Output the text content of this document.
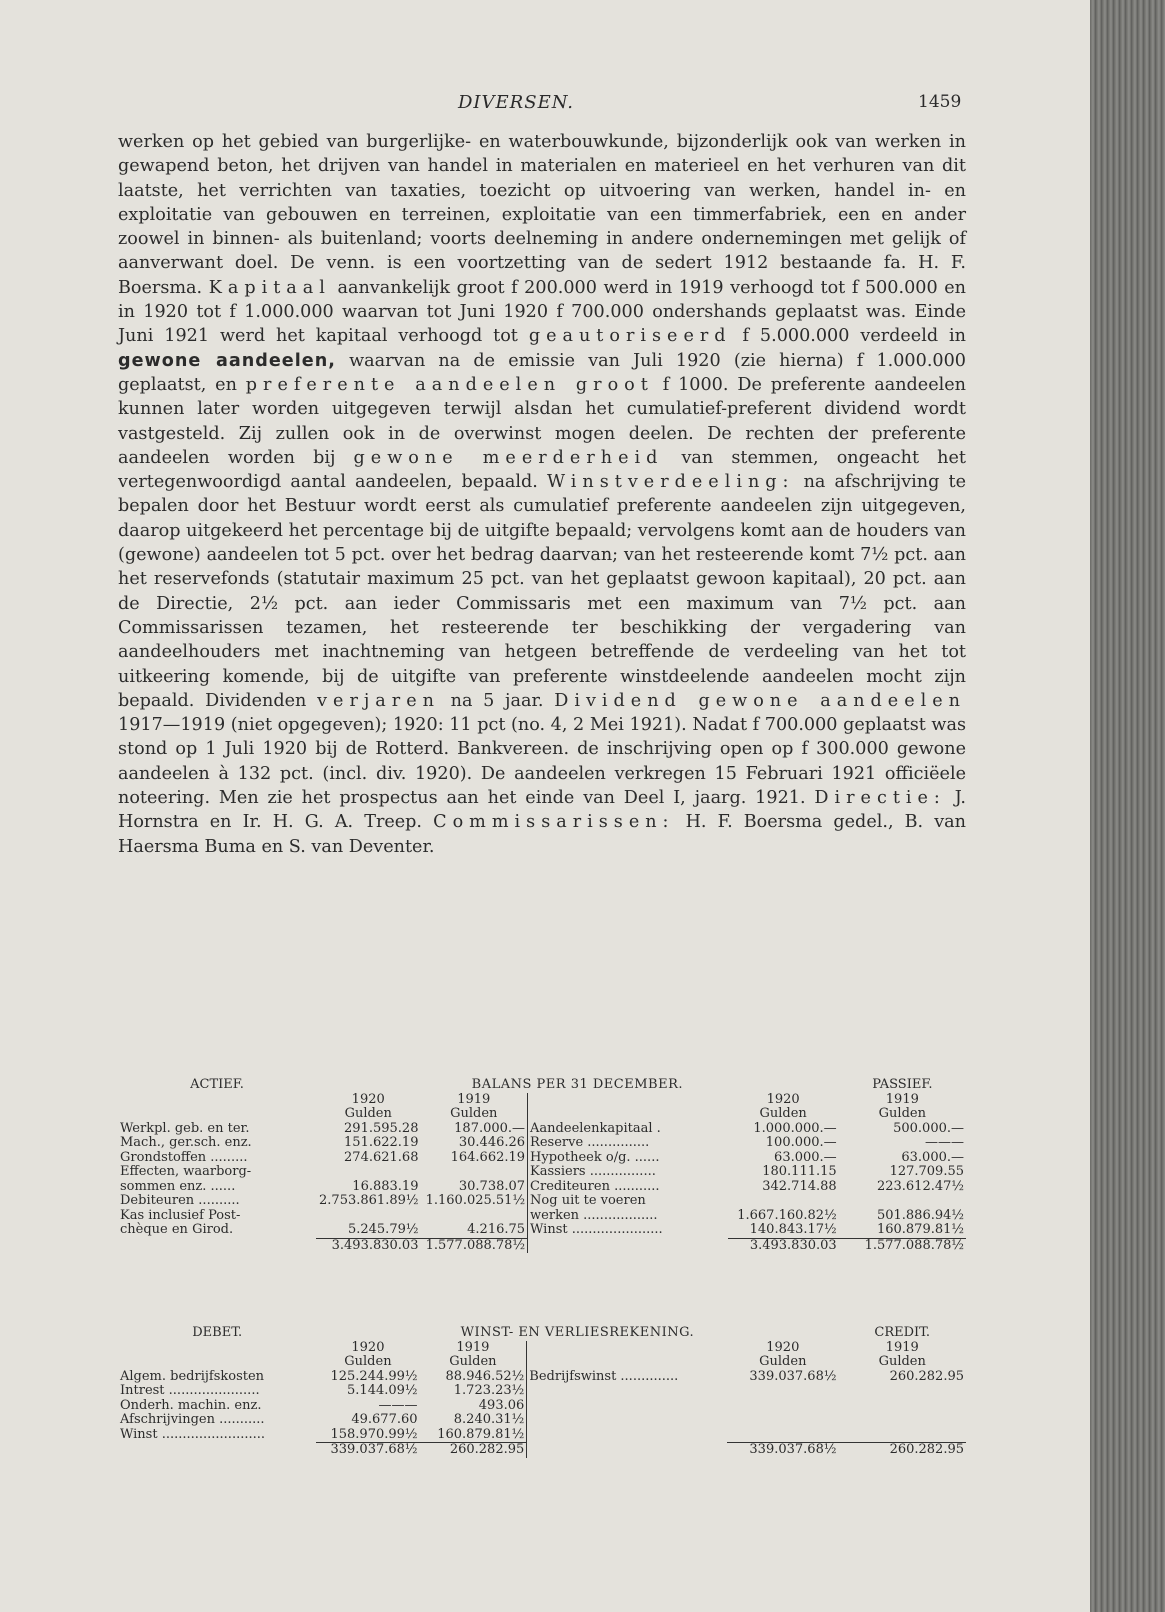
DIVERSEN.	1459

werken op het gebied van burgerlijke- en waterbouwkunde, bijzonderlijk ook van werken in gewapend beton, het drijven van handel in materialen en materieel en het verhuren van dit laatste, het verrichten van taxaties, toezicht op uitvoering van werken, handel in- en exploitatie van gebouwen en terreinen, exploitatie van een timmerfabriek, een en ander zoowel in binnen- als buitenland; voorts deelneming in andere ondernemingen met gelijk of aanverwant doel. De venn. is een voortzetting van de sedert 1912 bestaande fa. H. F. Boersma. Kapitaal aanvankelijk groot f 200.000 werd in 1919 verhoogd tot f 500.000 en in 1920 tot f 1.000.000 waarvan tot Juni 1920 f 700.000 ondershands geplaatst was. Einde Juni 1921 werd het kapitaal verhoogd tot geautoriseerd f 5.000.000 verdeeld in gewone aandeelen, waarvan na de emissie van Juli 1920 (zie hierna) f 1.000.000 geplaatst, en preferente aandeelen groot f 1000. De preferente aandeelen kunnen later worden uitgegeven terwijl alsdan het cumulatief-preferent dividend wordt vastgesteld. Zij zullen ook in de overwinst mogen deelen. De rechten der preferente aandeelen worden bij gewone meerderheid van stemmen, ongeacht het vertegenwoordigd aantal aandeelen, bepaald. Winstverdeeling: na afschrijving te bepalen door het Bestuur wordt eerst als cumulatief preferente aandeelen zijn uitgegeven, daarop uitgekeerd het percentage bij de uitgifte bepaald; vervolgens komt aan de houders van (gewone) aandeelen tot 5 pct. over het bedrag daarvan; van het resteerende komt 7½ pct. aan het reservefonds (statutair maximum 25 pct. van het geplaatst gewoon kapitaal), 20 pct. aan de Directie, 2½ pct. aan ieder Commissaris met een maximum van 7½ pct. aan Commissarissen tezamen, het resteerende ter beschikking der vergadering van aandeelhouders met inachtneming van hetgeen betreffende de verdeeling van het tot uitkeering komende, bij de uitgifte van preferente winstdeelende aandeelen mocht zijn bepaald. Dividenden verjaren na 5 jaar. Dividend gewone aandeelen 1917—1919 (niet opgegeven); 1920: 11 pct (no. 4, 2 Mei 1921). Nadat f 700.000 geplaatst was stond op 1 Juli 1920 bij de Rotterd. Bankvereen. de inschrijving open op f 300.000 gewone aandeelen à 132 pct. (incl. div. 1920). De aandeelen verkregen 15 Februari 1921 officiëele noteering. Men zie het prospectus aan het einde van Deel I, jaarg. 1921. Directie: J. Hornstra en Ir. H. G. A. Treep. Commissarissen: H. F. Boersma gedel., B. van Haersma Buma en S. van Deventer.

ACTIEF.	BALANS PER 31 DECEMBER.				PASSIEF.
	1920	1919		1920	1919
	Gulden	Gulden		Gulden	Gulden
Werkpl. geb. en ter.	291.595.28	187.000.—	Aandeelenkapitaal .	1.000.000.—	500.000.—
Mach., ger.sch. enz.	151.622.19	30.446.26	Reserve ...............	100.000.—	———
Grondstoffen .........	274.621.68	164.662.19	Hypotheek o/g. ......	63.000.—	63.000.—
Effecten, waarborg-			Kassiers ................	180.111.15	127.709.55
sommen enz. ......	16.883.19	30.738.07	Crediteuren ...........	342.714.88	223.612.47½
Debiteuren ..........	2.753.861.89½	1.160.025.51½	Nog uit te voeren		
Kas inclusief Post-			werken ..................	1.667.160.82½	501.886.94½
chèque en Girod.	5.245.79½	4.216.75	Winst ......................	140.843.17½	160.879.81½

	3.493.830.03	1.577.088.78½		3.493.830.03	1.577.088.78½
DEBET.	WINST- EN VERLIESREKENING.				CREDIT.
	1920	1919		1920	1919
	Gulden	Gulden		Gulden	Gulden
Algem. bedrijfskosten	125.244.99½	88.946.52½	Bedrijfswinst ..............	339.037.68½	260.282.95
Intrest ......................	5.144.09½	1.723.23½			
Onderh. machin. enz.	———	493.06			
Afschrijvingen ...........	49.677.60	8.240.31½			
Winst .........................	158.970.99½	160.879.81½			

	339.037.68½	260.282.95		339.037.68½	260.282.95
